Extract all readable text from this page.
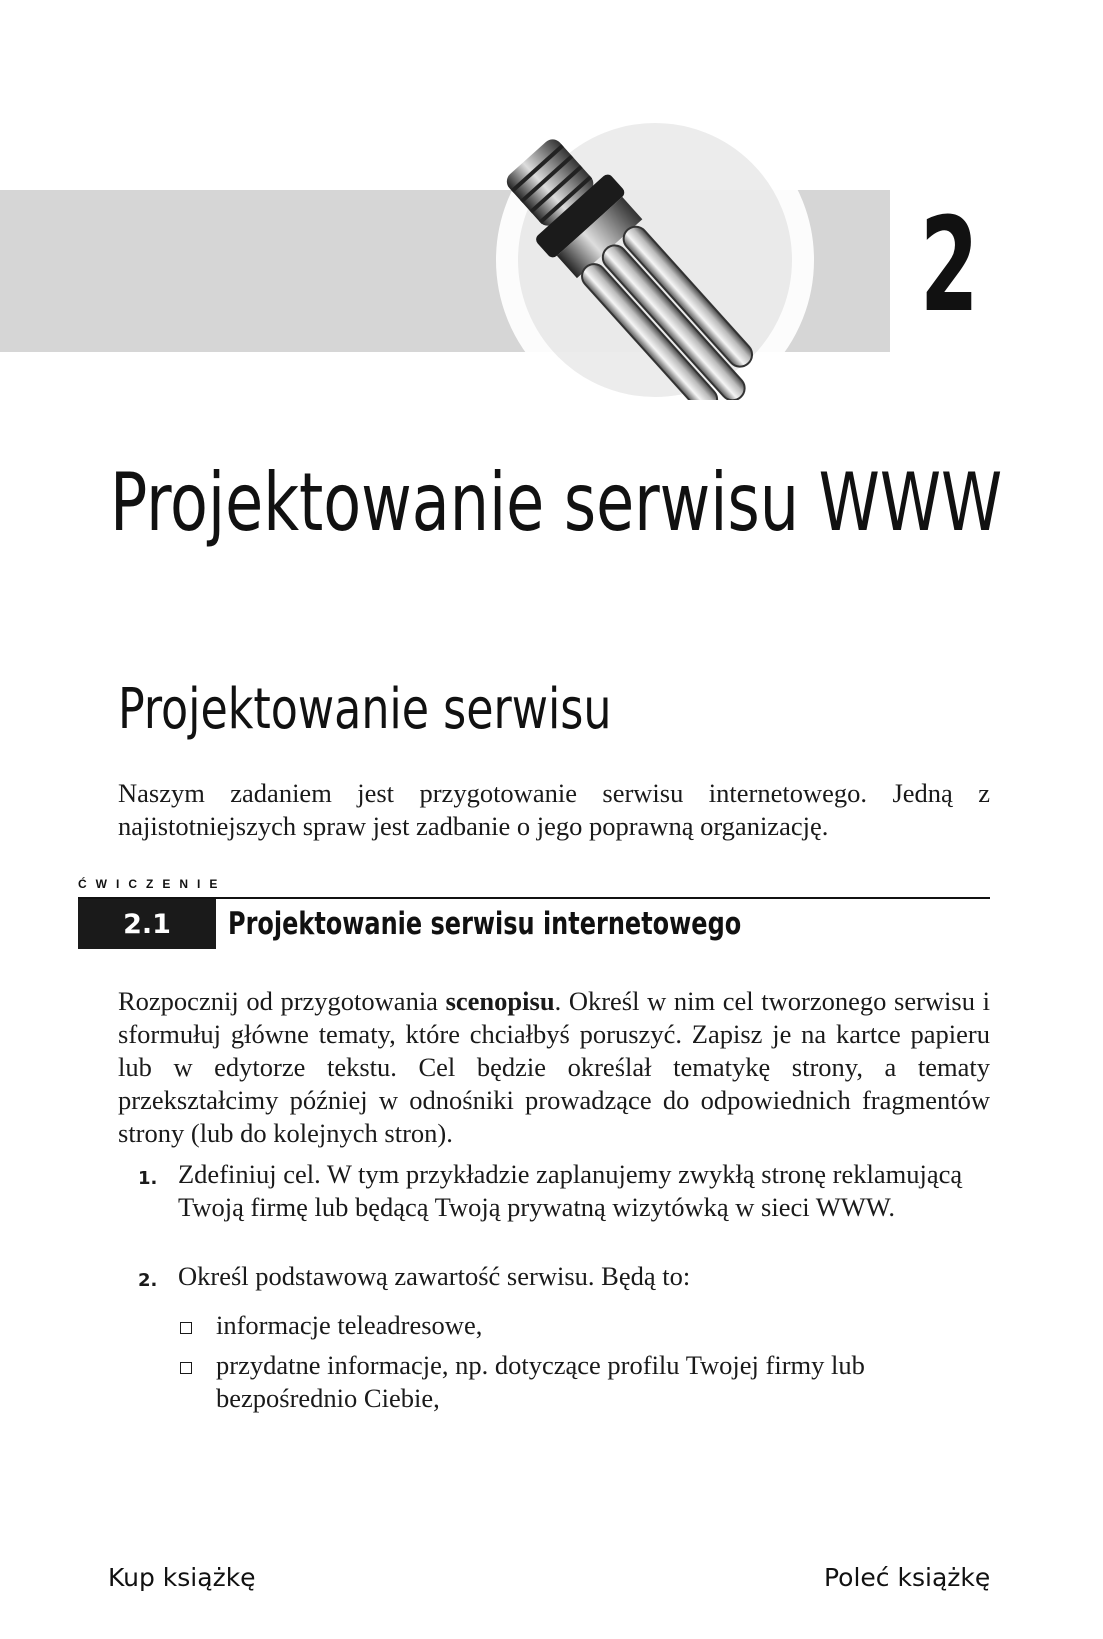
2
Projektowanie serwisu WWW
Projektowanie serwisu
Naszym zadaniem jest przygotowanie serwisu internetowego. Jedną z najistotniejszych spraw jest zadbanie o jego poprawną organizację.
ĆWICZENIE
2.1 Projektowanie serwisu internetowego
Rozpocznij od przygotowania scenopisu. Określ w nim cel tworzonego serwisu i sformułuj główne tematy, które chciałbyś poruszyć. Zapisz je na kartce papieru lub w edytorze tekstu. Cel będzie określał tematykę strony, a tematy przekształcimy później w odnośniki prowadzące do odpowiednich fragmentów strony (lub do kolejnych stron).
1. Zdefiniuj cel. W tym przykładzie zaplanujemy zwykłą stronę reklamującą Twoją firmę lub będącą Twoją prywatną wizytówką w sieci WWW.
2. Określ podstawową zawartość serwisu. Będą to:
informacje teleadresowe,
przydatne informacje, np. dotyczące profilu Twojej firmy lub bezpośrednio Ciebie,
Kup książkę	Poleć książkę
